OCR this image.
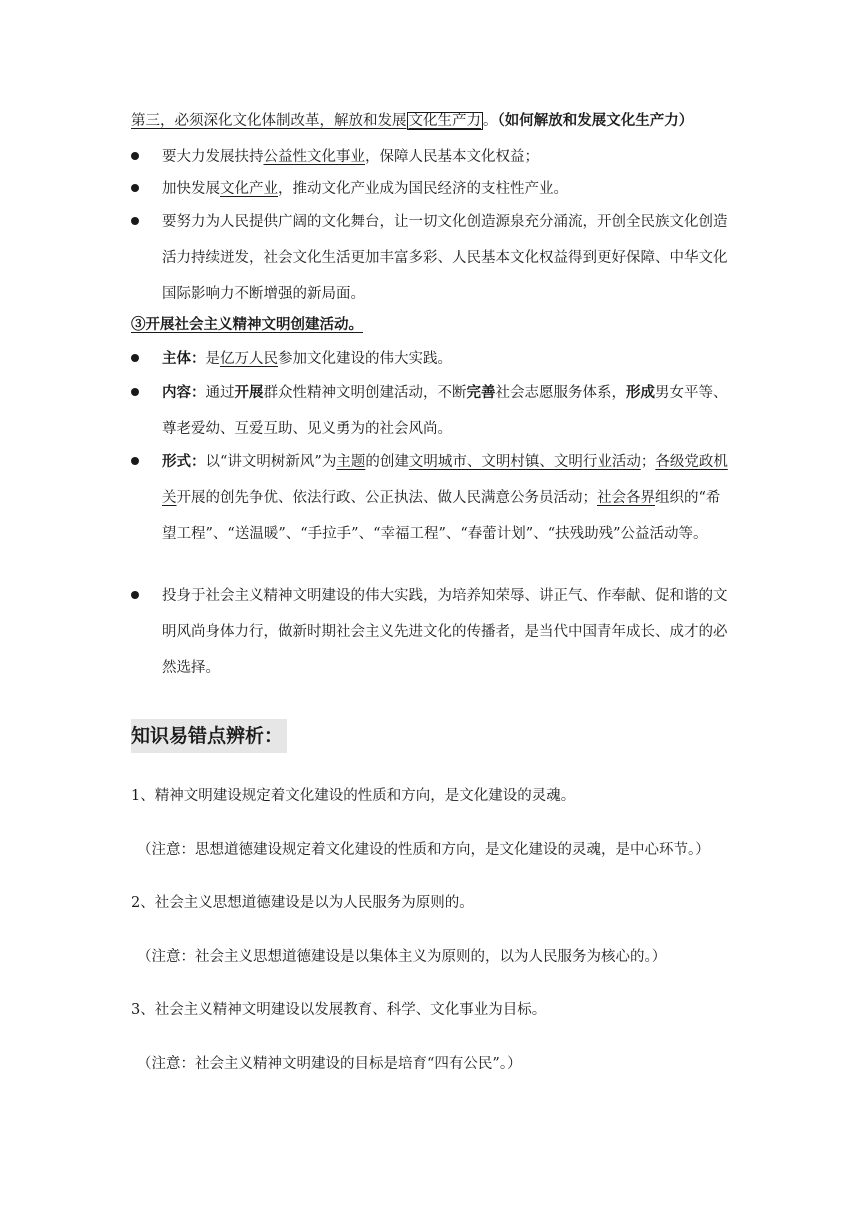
第三，必须深化文化体制改革，解放和发展 文化生产力 。（如何解放和发展文化生产力）
要大力发展扶持公益性文化事业，保障人民基本文化权益；
加快发展文化产业，推动文化产业成为国民经济的支柱性产业。
要努力为人民提供广阔的文化舞台，让一切文化创造源泉充分涌流，开创全民族文化创造活力持续迸发，社会文化生活更加丰富多彩、人民基本文化权益得到更好保障、中华文化国际影响力不断增强的新局面。
③开展社会主义精神文明创建活动。
主体：是亿万人民参加文化建设的伟大实践。
内容：通过开展群众性精神文明创建活动，不断完善社会志愿服务体系，形成男女平等、尊老爱幼、互爱互助、见义勇为的社会风尚。
形式：以“讲文明树新风”为主题的创建文明城市、文明村镇、文明行业活动；各级党政机关开展的创先争优、依法行政、公正执法、做人民满意公务员活动；社会各界组织的“希望工程”、“送温暖”、“手拉手”、“幸福工程”、“春蕾计划”、“扶残助残”公益活动等。
投身于社会主义精神文明建设的伟大实践，为培养知荣辱、讲正气、作奉献、促和谐的文明风尚身体力行，做新时期社会主义先进文化的传播者，是当代中国青年成长、成才的必然选择。
知识易错点辨析：
1、精神文明建设规定着文化建设的性质和方向，是文化建设的灵魂。
（注意：思想道德建设规定着文化建设的性质和方向，是文化建设的灵魂，是中心环节。）
2、社会主义思想道德建设是以为人民服务为原则的。
（注意：社会主义思想道德建设是以集体主义为原则的，以为人民服务为核心的。）
3、社会主义精神文明建设以发展教育、科学、文化事业为目标。
（注意：社会主义精神文明建设的目标是培育“四有公民”。）
